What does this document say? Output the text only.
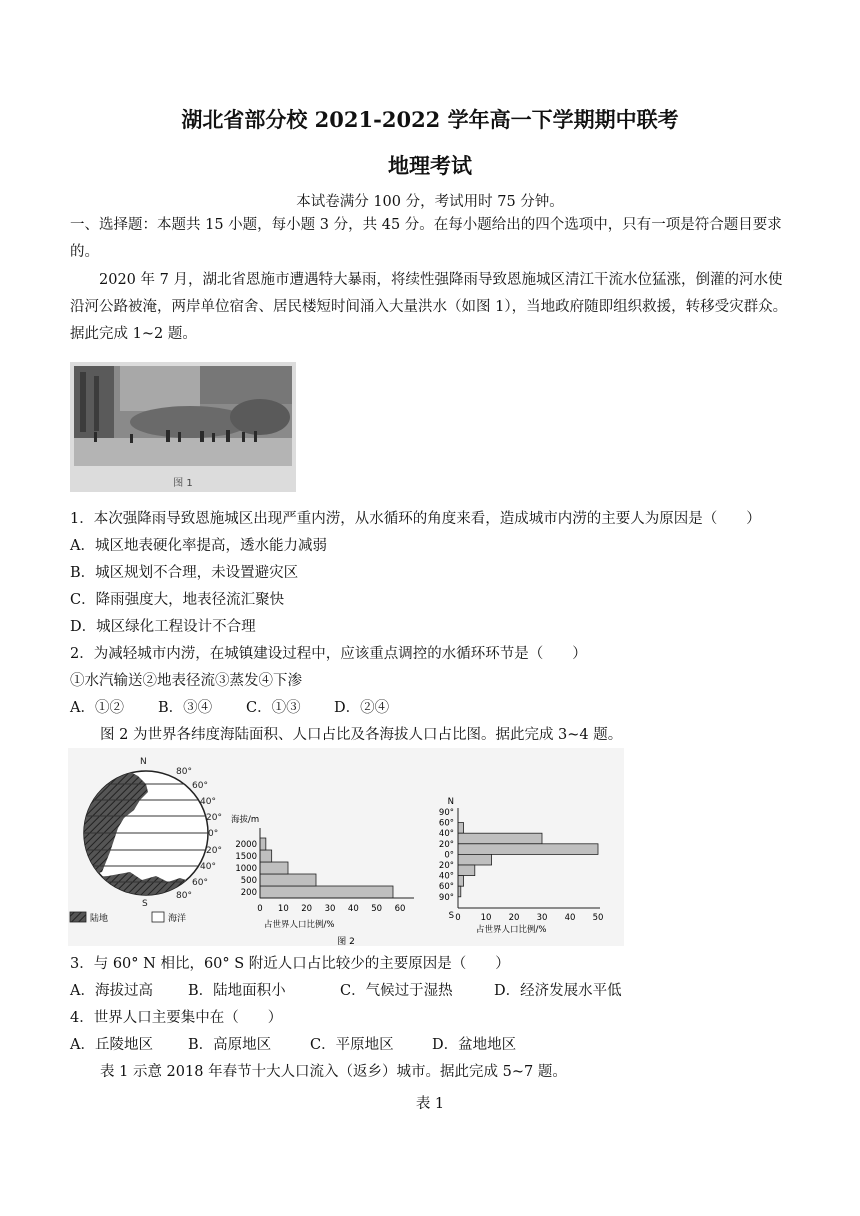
湖北省部分校 2021-2022 学年高一下学期期中联考
地理考试
本试卷满分 100 分，考试用时 75 分钟。
一、选择题：本题共 15 小题，每小题 3 分，共 45 分。在每小题给出的四个选项中，只有一项是符合题目要求的。
2020 年 7 月，湖北省恩施市遭遇特大暴雨，将续性强降雨导致恩施城区清江干流水位猛涨，倒灌的河水使沿河公路被淹，两岸单位宿舍、居民楼短时间涌入大量洪水（如图 1），当地政府随即组织救援，转移受灾群众。据此完成 1~2 题。
图 1
1．本次强降雨导致恩施城区出现严重内涝，从水循环的角度来看，造成城市内涝的主要人为原因是（　　）
A．城区地表硬化率提高，透水能力减弱
B．城区规划不合理，未设置避灾区
C．降雨强度大，地表径流汇聚快
D．城区绿化工程设计不合理
2．为减轻城市内涝，在城镇建设过程中，应该重点调控的水循环环节是（　　）
①水汽输送②地表径流③蒸发④下渗
A．①② B．③④ C．①③ D．②④
图 2 为世界各纬度海陆面积、人口占比及各海拔人口占比图。据此完成 3~4 题。
N
80°
60°
40°
20°
0°
20°
40°
60°
80°
S
陆地	海洋
海拔/m
200
500
1000
1500
2000
0 10 20 30 40 50 60
占世界人口比例/%
N
90°
60°
40°
20°
0°
20°
40°
60°
90°
S 0 10 20 30 40 50
占世界人口比例/%
图 2
3．与 60° N 相比，60° S 附近人口占比较少的主要原因是（　　）
A．海拔过高 B．陆地面积小	C．气候过于湿热	D．经济发展水平低
4．世界人口主要集中在（　　）
A．丘陵地区 B．高原地区	C．平原地区	D．盆地地区
表 1 示意 2018 年春节十大人口流入（返乡）城市。据此完成 5~7 题。
表 1
